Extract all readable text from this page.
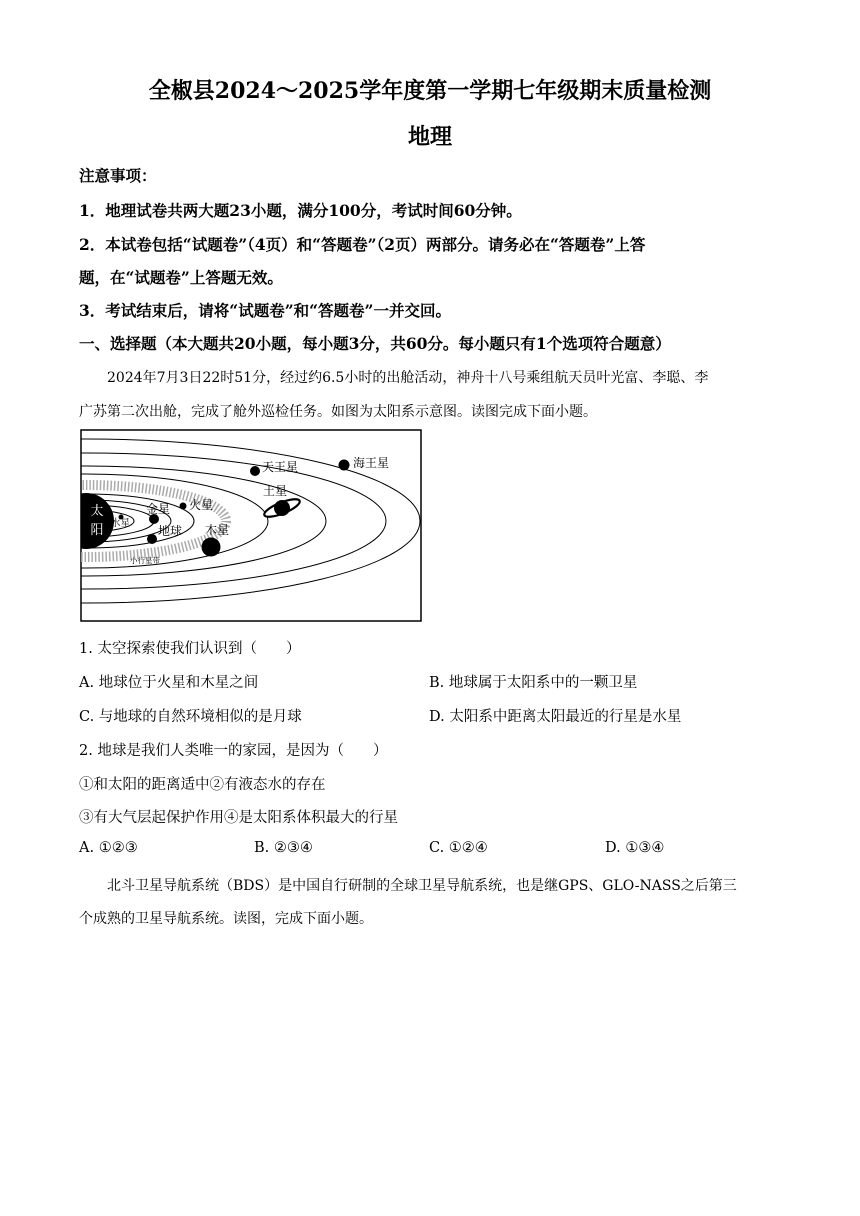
全椒县2024～2025学年度第一学期七年级期末质量检测
地理
注意事项：
1．地理试卷共两大题23小题，满分100分，考试时间60分钟。
2．本试卷包括“试题卷”（4页）和“答题卷”（2页）两部分。请务必在“答题卷”上答
题，在“试题卷”上答题无效。
3．考试结束后，请将“试题卷”和“答题卷”一并交回。
一、选择题（本大题共20小题，每小题3分，共60分。每小题只有1个选项符合题意）
2024年7月3日22时51分，经过约6.5小时的出舱活动，神舟十八号乘组航天员叶光富、李聪、李
广苏第二次出舱，完成了舱外巡检任务。如图为太阳系示意图。读图完成下面小题。
太
阳 水星
金星
地球
火星
木星
土星
天王星	海王星
小行星带
1. 太空探索使我们认识到（　　）
A. 地球位于火星和木星之间	B. 地球属于太阳系中的一颗卫星
C. 与地球的自然环境相似的是月球	D. 太阳系中距离太阳最近的行星是水星
2. 地球是我们人类唯一的家园，是因为（　　）
①和太阳的距离适中②有液态水的存在
③有大气层起保护作用④是太阳系体积最大的行星
A. ①②③	B. ②③④	C. ①②④	D. ①③④
北斗卫星导航系统（BDS）是中国自行研制的全球卫星导航系统，也是继GPS、GLO-NASS之后第三
个成熟的卫星导航系统。读图，完成下面小题。
